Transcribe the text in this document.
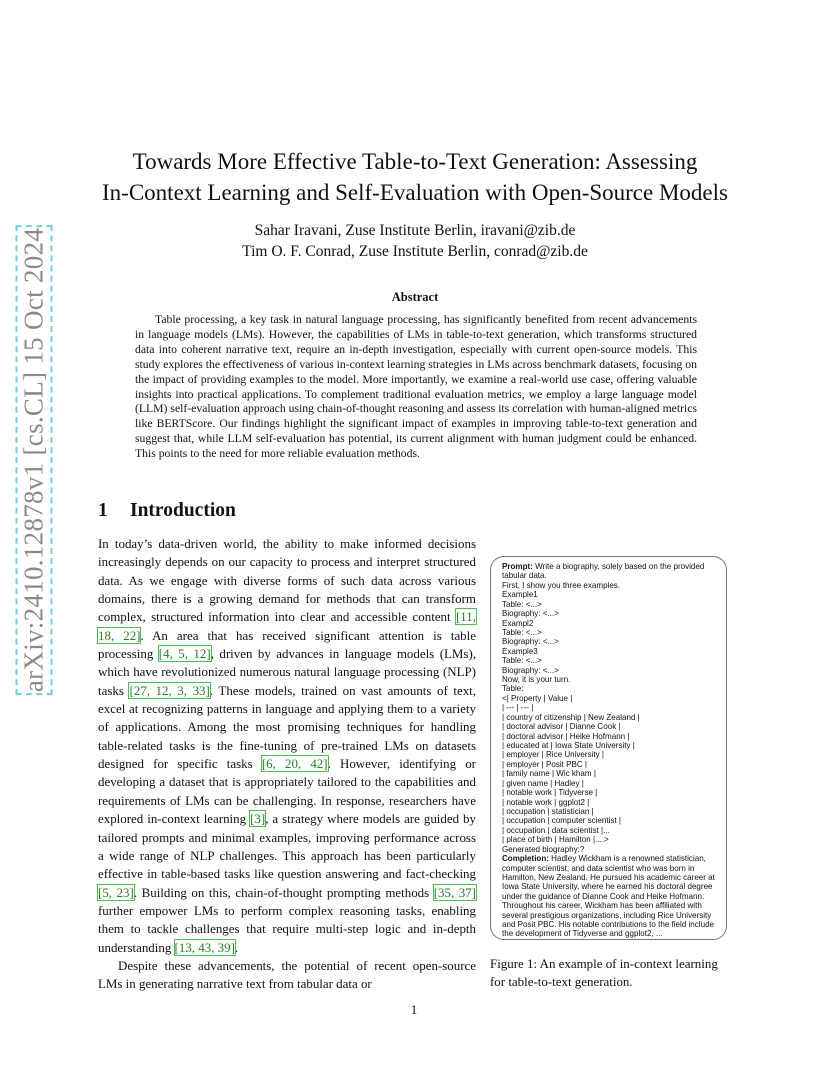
arXiv:2410.12878v1 [cs.CL] 15 Oct 2024
Towards More Effective Table-to-Text Generation: Assessing
In-Context Learning and Self-Evaluation with Open-Source Models
Sahar Iravani, Zuse Institute Berlin, iravani@zib.de
Tim O. F. Conrad, Zuse Institute Berlin, conrad@zib.de
Abstract

Table processing, a key task in natural language processing, has significantly benefited from recent advancements in language models (LMs). However, the capabilities of LMs in table-to-text generation, which transforms structured data into coherent narrative text, require an in-depth investigation, especially with current open-source models. This study explores the effectiveness of various in-context learning strategies in LMs across benchmark datasets, focusing on the impact of providing examples to the model. More importantly, we examine a real-world use case, offering valuable insights into practical applications. To complement traditional evaluation metrics, we employ a large language model (LLM) self-evaluation approach using chain-of-thought reasoning and assess its correlation with human-aligned metrics like BERTScore. Our findings highlight the significant impact of examples in improving table-to-text generation and suggest that, while LLM self-evaluation has potential, its current alignment with human judgment could be enhanced. This points to the need for more reliable evaluation methods.

1 Introduction

In today’s data-driven world, the ability to make informed decisions increasingly depends on our capacity to process and interpret structured data. As we engage with diverse forms of such data across various domains, there is a growing demand for methods that can transform complex, structured information into clear and accessible content [11, 18, 22]. An area that has received significant attention is table processing [4, 5, 12], driven by advances in language models (LMs), which have revolutionized numerous natural language processing (NLP) tasks [27, 12, 3, 33]. These models, trained on vast amounts of text, excel at recognizing patterns in language and applying them to a variety of applications. Among the most promising techniques for handling table-related tasks is the fine-tuning of pre-trained LMs on datasets designed for specific tasks [6, 20, 42]. However, identifying or developing a dataset that is appropriately tailored to the capabilities and requirements of LMs can be challenging. In response, researchers have explored in-context learning [3], a strategy where models are guided by tailored prompts and minimal examples, improving performance across a wide range of NLP challenges. This approach has been particularly effective in table-based tasks like question answering and fact-checking [5, 23]. Building on this, chain-of-thought prompting methods [35, 37] further empower LMs to perform complex reasoning tasks, enabling them to tackle challenges that require multi-step logic and in-depth understanding [13, 43, 39].

Despite these advancements, the potential of recent open-source LMs in generating narrative text from tabular data or

Prompt: Write a biography, solely based on the provided tabular data.
First, I show you three examples.
Example1
Table: <...>
Biography: <...>
Exampl2
Table: <...>
Biography: <...>
Example3
Table: <...>
Biography: <...>
Now, it is your turn.
Table:
<| Property | Value |
| --- | --- |
| country of citizenship | New Zealand |
| doctoral advisor | Dianne Cook |
| doctoral advisor | Heike Hofmann |
| educated at | Iowa State University |
| employer | Rice University |
| employer | Posit PBC |
| family name | Wic kham |
| given name | Hadley |
| notable work | Tidyverse |
| notable work | ggplot2 |
| occupation | statistician |
| occupation | computer scientist |
| occupation | data scientist |...
| place of birth | Hamilton |....>
Generated biography:?
Completion: Hadley Wickham is a renowned statistician, computer scientist, and data scientist who was born in Hamilton, New Zealand. He pursued his academic career at Iowa State University, where he earned his doctoral degree under the guidance of Dianne Cook and Heike Hofmann. Throughout his career, Wickham has been affiliated with several prestigious organizations, including Rice University and Posit PBC. His notable contributions to the field include the development of Tidyverse and ggplot2, ...
Figure 1: An example of in-context learning for table-to-text generation.
1
